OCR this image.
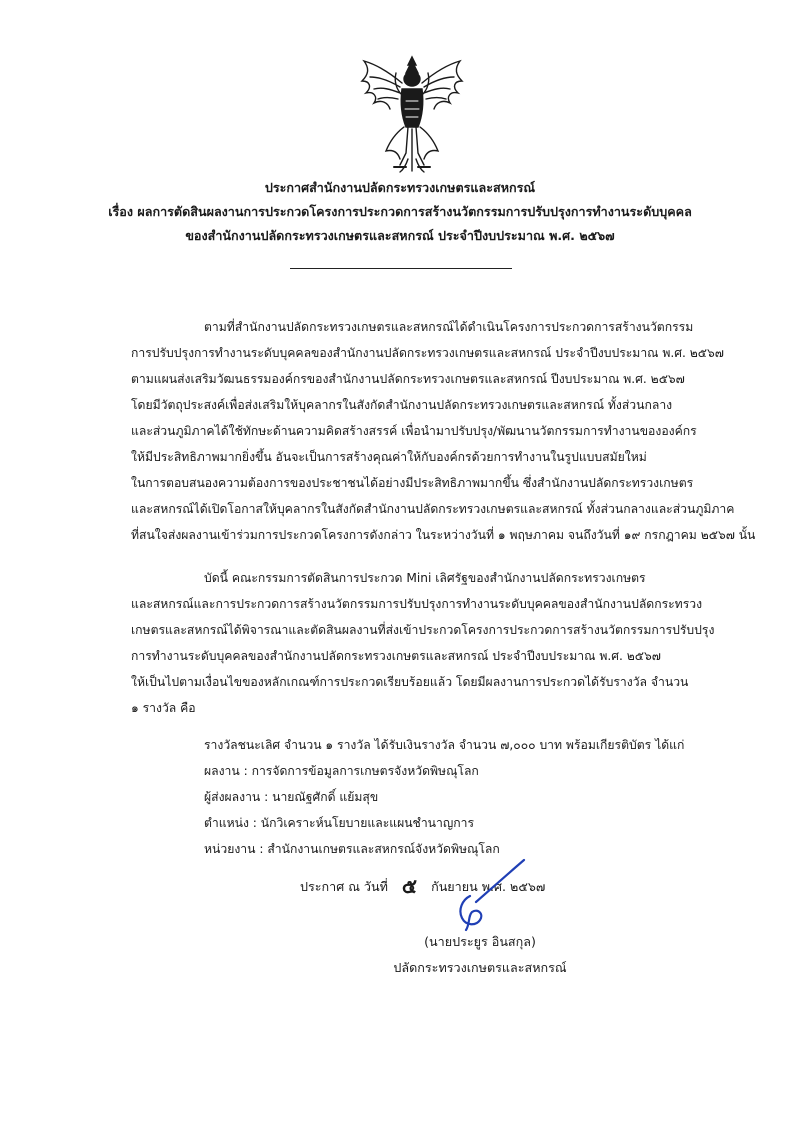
ประกาศสำนักงานปลัดกระทรวงเกษตรและสหกรณ์
เรื่อง ผลการตัดสินผลงานการประกวดโครงการประกวดการสร้างนวัตกรรมการปรับปรุงการทำงานระดับบุคคล
ของสำนักงานปลัดกระทรวงเกษตรและสหกรณ์ ประจำปีงบประมาณ พ.ศ. ๒๕๖๗
ตามที่สำนักงานปลัดกระทรวงเกษตรและสหกรณ์ได้ดำเนินโครงการประกวดการสร้างนวัตกรรม
การปรับปรุงการทำงานระดับบุคคลของสำนักงานปลัดกระทรวงเกษตรและสหกรณ์ ประจำปีงบประมาณ พ.ศ. ๒๕๖๗
ตามแผนส่งเสริมวัฒนธรรมองค์กรของสำนักงานปลัดกระทรวงเกษตรและสหกรณ์ ปีงบประมาณ พ.ศ. ๒๕๖๗
โดยมีวัตถุประสงค์เพื่อส่งเสริมให้บุคลากรในสังกัดสำนักงานปลัดกระทรวงเกษตรและสหกรณ์ ทั้งส่วนกลาง
และส่วนภูมิภาคได้ใช้ทักษะด้านความคิดสร้างสรรค์ เพื่อนำมาปรับปรุง/พัฒนานวัตกรรมการทำงานขององค์กร
ให้มีประสิทธิภาพมากยิ่งขึ้น อันจะเป็นการสร้างคุณค่าให้กับองค์กรด้วยการทำงานในรูปแบบสมัยใหม่
ในการตอบสนองความต้องการของประชาชนได้อย่างมีประสิทธิภาพมากขึ้น ซึ่งสำนักงานปลัดกระทรวงเกษตร
และสหกรณ์ได้เปิดโอกาสให้บุคลากรในสังกัดสำนักงานปลัดกระทรวงเกษตรและสหกรณ์ ทั้งส่วนกลางและส่วนภูมิภาค
ที่สนใจส่งผลงานเข้าร่วมการประกวดโครงการดังกล่าว ในระหว่างวันที่ ๑ พฤษภาคม จนถึงวันที่ ๑๙ กรกฎาคม ๒๕๖๗ นั้น
บัดนี้ คณะกรรมการตัดสินการประกวด Mini เลิศรัฐของสำนักงานปลัดกระทรวงเกษตร
และสหกรณ์และการประกวดการสร้างนวัตกรรมการปรับปรุงการทำงานระดับบุคคลของสำนักงานปลัดกระทรวง
เกษตรและสหกรณ์ได้พิจารณาและตัดสินผลงานที่ส่งเข้าประกวดโครงการประกวดการสร้างนวัตกรรมการปรับปรุง
การทำงานระดับบุคคลของสำนักงานปลัดกระทรวงเกษตรและสหกรณ์ ประจำปีงบประมาณ พ.ศ. ๒๕๖๗
ให้เป็นไปตามเงื่อนไขของหลักเกณฑ์การประกวดเรียบร้อยแล้ว โดยมีผลงานการประกวดได้รับรางวัล จำนวน
๑ รางวัล คือ
รางวัลชนะเลิศ จำนวน ๑ รางวัล ได้รับเงินรางวัล จำนวน ๗,๐๐๐ บาท พร้อมเกียรติบัตร ได้แก่
ผลงาน : การจัดการข้อมูลการเกษตรจังหวัดพิษณุโลก
ผู้ส่งผลงาน : นายณัฐศักดิ์ แย้มสุข
ตำแหน่ง : นักวิเคราะห์นโยบายและแผนชำนาญการ
หน่วยงาน : สำนักงานเกษตรและสหกรณ์จังหวัดพิษณุโลก
ประกาศ ณ วันที่ ๕ กันยายน พ.ศ. ๒๕๖๗
(นายประยูร อินสกุล)
ปลัดกระทรวงเกษตรและสหกรณ์
